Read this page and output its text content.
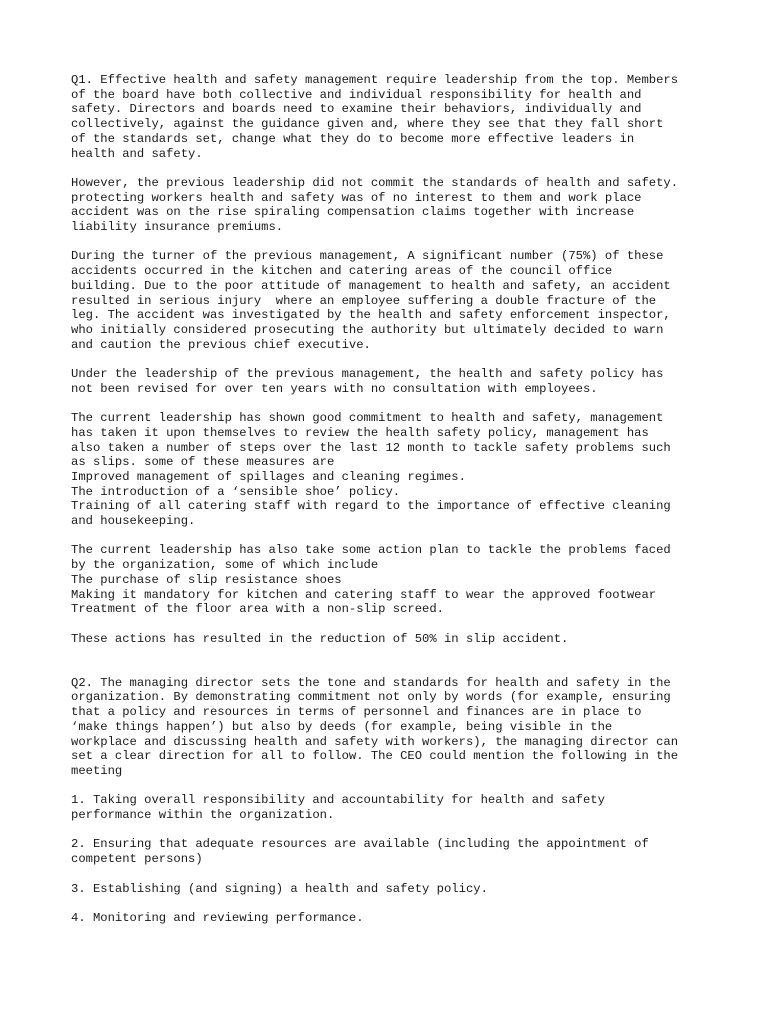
Q1. Effective health and safety management require leadership from the top. Members
of the board have both collective and individual responsibility for health and
safety. Directors and boards need to examine their behaviors, individually and
collectively, against the guidance given and, where they see that they fall short
of the standards set, change what they do to become more effective leaders in
health and safety.

However, the previous leadership did not commit the standards of health and safety.
protecting workers health and safety was of no interest to them and work place
accident was on the rise spiraling compensation claims together with increase
liability insurance premiums.

During the turner of the previous management, A significant number (75%) of these
accidents occurred in the kitchen and catering areas of the council office
building. Due to the poor attitude of management to health and safety, an accident
resulted in serious injury  where an employee suffering a double fracture of the
leg. The accident was investigated by the health and safety enforcement inspector,
who initially considered prosecuting the authority but ultimately decided to warn
and caution the previous chief executive.

Under the leadership of the previous management, the health and safety policy has
not been revised for over ten years with no consultation with employees.

The current leadership has shown good commitment to health and safety, management
has taken it upon themselves to review the health safety policy, management has
also taken a number of steps over the last 12 month to tackle safety problems such
as slips. some of these measures are
Improved management of spillages and cleaning regimes.
The introduction of a ‘sensible shoe’ policy.
Training of all catering staff with regard to the importance of effective cleaning
and housekeeping.

The current leadership has also take some action plan to tackle the problems faced
by the organization, some of which include
The purchase of slip resistance shoes
Making it mandatory for kitchen and catering staff to wear the approved footwear
Treatment of the floor area with a non-slip screed.

These actions has resulted in the reduction of 50% in slip accident.

Q2. The managing director sets the tone and standards for health and safety in the
organization. By demonstrating commitment not only by words (for example, ensuring
that a policy and resources in terms of personnel and finances are in place to
‘make things happen’) but also by deeds (for example, being visible in the
workplace and discussing health and safety with workers), the managing director can
set a clear direction for all to follow. The CEO could mention the following in the
meeting

1. Taking overall responsibility and accountability for health and safety
performance within the organization.

2. Ensuring that adequate resources are available (including the appointment of
competent persons)

3. Establishing (and signing) a health and safety policy.

4. Monitoring and reviewing performance.
